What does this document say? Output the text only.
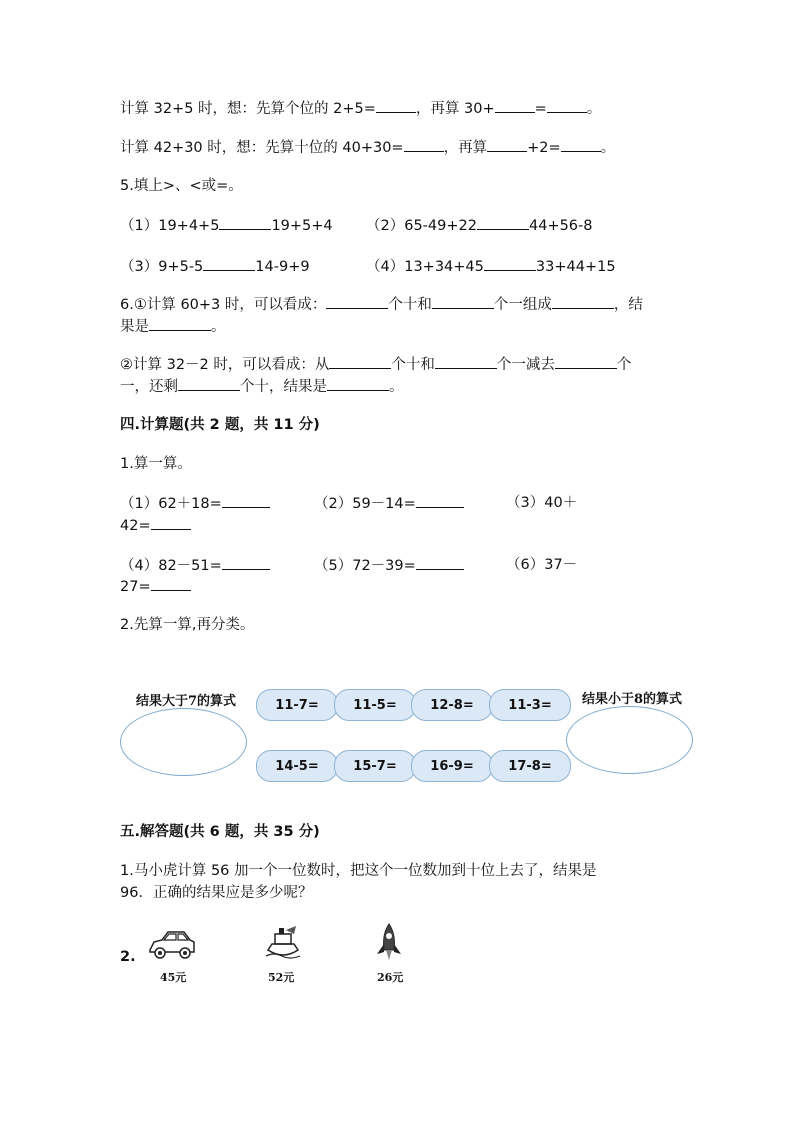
计算 32+5 时，想：先算个位的 2+5=	，再算 30+	=	。
计算 42+30 时，想：先算十位的 40+30=	，再算	+2=	。
5.填上>、<或=。
（1）19+4+5	19+5+4 （2）65-49+22	44+56-8
（3）9+5-5	14-9+9	（4）13+34+45	33+44+15
6.①计算 60+3 时，可以看成：	个十和	个一组成	，结
果是	。
②计算 32－2 时，可以看成：从	个十和	个一减去	个
一，还剩	个十，结果是	。
四.计算题(共 2 题，共 11 分)
1.算一算。
（1）62＋18=	（2）59－14=	（3）40＋
42=
（4）82－51=	（5）72－39=	（6）37－
27=
2.先算一算,再分类。
结果大于7的算式	结果小于8的算式
11-7=	11-5=	12-8=	11-3=
14-5=	15-7=	16-9=	17-8=
五.解答题(共 6 题，共 35 分)
1.马小虎计算 56 加一个一位数时，把这个一位数加到十位上去了，结果是
96．正确的结果应是多少呢？
2.
45元	52元	26元
